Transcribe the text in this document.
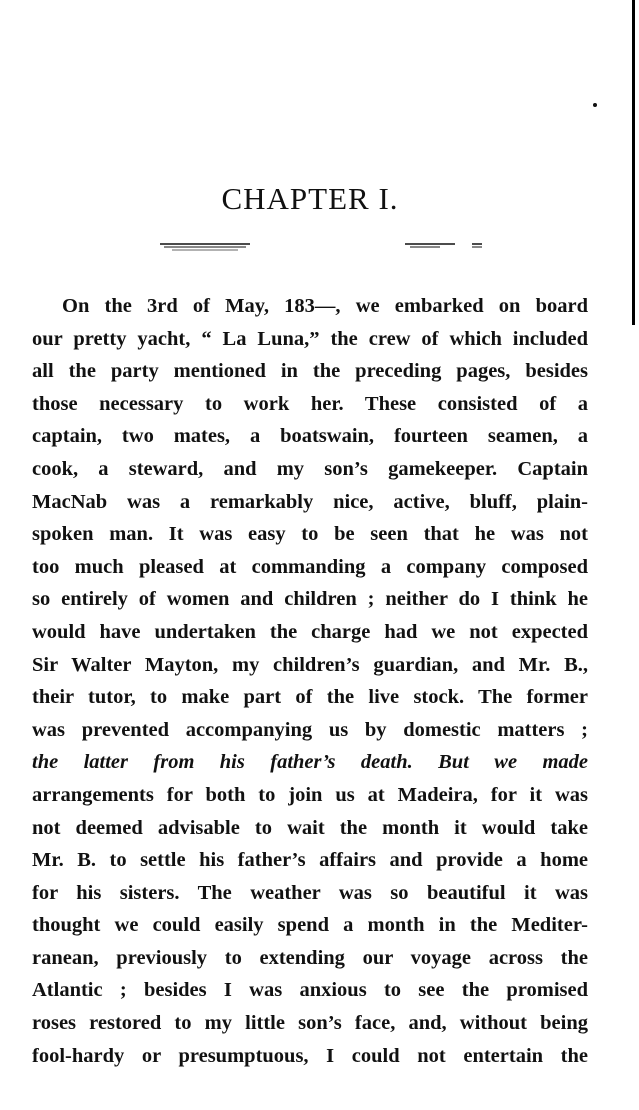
CHAPTER I.
On the 3rd of May, 183—, we embarked on board
our pretty yacht, “ La Luna,” the crew of which included
all the party mentioned in the preceding pages, besides
those necessary to work her. These consisted of a
captain, two mates, a boatswain, fourteen seamen, a
cook, a steward, and my son’s gamekeeper. Captain
MacNab was a remarkably nice, active, bluff, plain-
spoken man. It was easy to be seen that he was not
too much pleased at commanding a company composed
so entirely of women and children ; neither do I think he
would have undertaken the charge had we not expected
Sir Walter Mayton, my children’s guardian, and Mr. B.,
their tutor, to make part of the live stock. The former
was prevented accompanying us by domestic matters ;
the latter from his father’s death. But we made
arrangements for both to join us at Madeira, for it was
not deemed advisable to wait the month it would take
Mr. B. to settle his father’s affairs and provide a home
for his sisters. The weather was so beautiful it was
thought we could easily spend a month in the Mediter-
ranean, previously to extending our voyage across the
Atlantic ; besides I was anxious to see the promised
roses restored to my little son’s face, and, without being
fool-hardy or presumptuous, I could not entertain the
